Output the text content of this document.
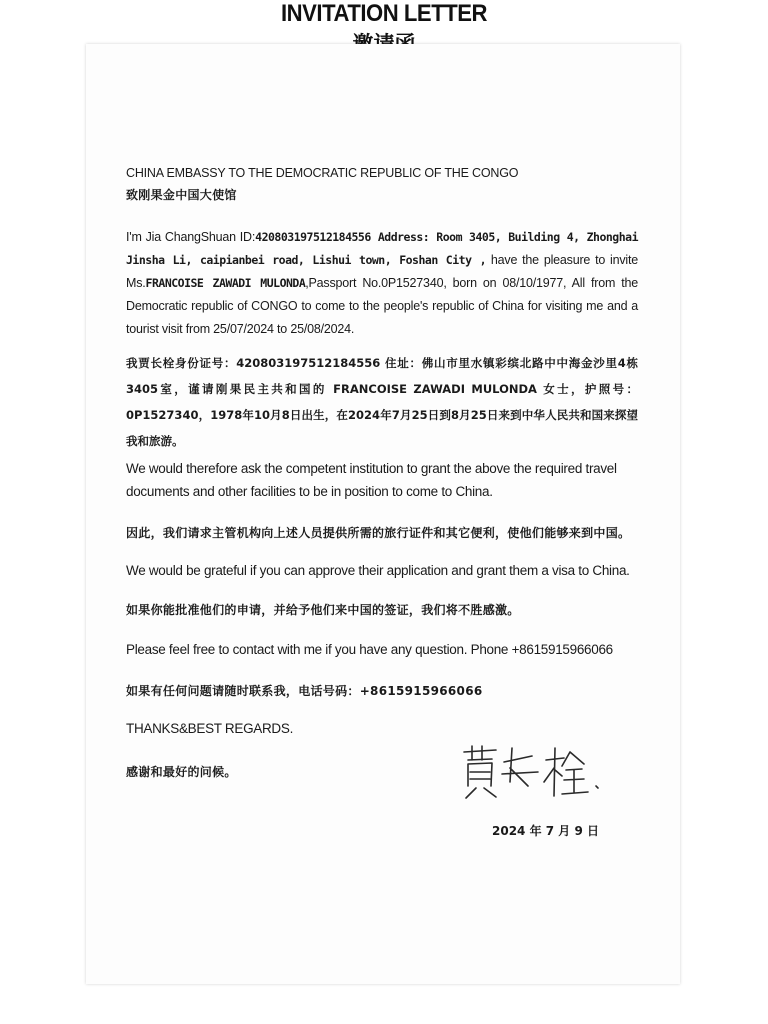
INVITATION LETTER
CHINA EMBASSY TO THE DEMOCRATIC REPUBLIC OF THE CONGO
致刚果金中国大使馆
I'm Jia ChangShuan ID:420803197512184556 Address: Room 3405, Building 4, Zhonghai Jinsha Li, caipianbei road, Lishui town, Foshan City , have the pleasure to invite Ms.FRANCOISE ZAWADI MULONDA,Passport No.0P1527340, born on 08/10/1977, All from the Democratic republic of CONGO to come to the people's republic of China for visiting me and a tourist visit from 25/07/2024 to 25/08/2024.
我贾长栓身份证号：420803197512184556 住址：佛山市里水镇彩缤北路中中海金沙里4栋3405室，谨请刚果民主共和国的 FRANCOISE ZAWADI MULONDA 女士，护照号：0P1527340，1978年10月8日出生，在2024年7月25日到8月25日来到中华人民共和国来探望我和旅游。
We would therefore ask the competent institution to grant the above the required travel
documents and other facilities to be in position to come to China.
因此，我们请求主管机构向上述人员提供所需的旅行证件和其它便利，使他们能够来到中国。
We would be grateful if you can approve their application and grant them a visa to China.
如果你能批准他们的申请，并给予他们来中国的签证，我们将不胜感激。
Please feel free to contact with me if you have any question. Phone +8615915966066
如果有任何问题请随时联系我，电话号码：+8615915966066
THANKS&BEST REGARDS.
感谢和最好的问候。
2024 年 7 月 9 日
